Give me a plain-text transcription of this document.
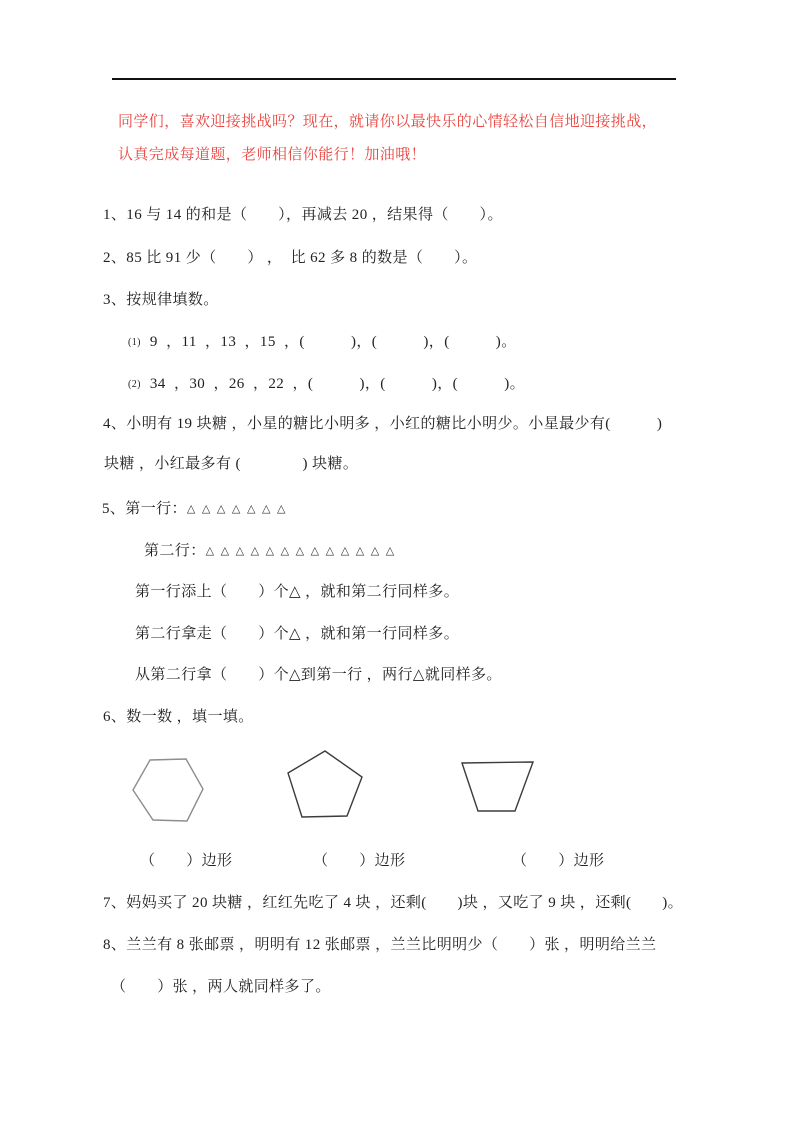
同学们，喜欢迎接挑战吗？现在，就请你以最快乐的心情轻松自信地迎接挑战，
认真完成每道题，老师相信你能行！加油哦！
1、16 与 14 的和是（　　），再减去 20 ，结果得（　　）。
2、85 比 91 少（　　） ，  比 62 多 8 的数是（　　）。
3、按规律填数。
(1) 9  ，11  ，13  ，15  ，(　　　)，(　　　)，(　　　)。
(2) 34  ，30  ，26  ，22  ，(　　　)，(　　　)，(　　　)。
4、小明有 19 块糖 ，小星的糖比小明多 ，小红的糖比小明少。小星最少有(　　　)
块糖 ，小红最多有 (　　　　) 块糖。
5、第一行：△ △ △ △ △ △ △
第二行：△ △ △ △ △ △ △ △ △ △ △ △ △
第一行添上（　　）个△ ，就和第二行同样多。
第二行拿走（　　）个△ ，就和第一行同样多。
从第二行拿（　　）个△到第一行 ，两行△就同样多。
6、数一数 ，填一填。
（　　）边形	（　　）边形	（　　）边形
7、妈妈买了 20 块糖 ，红红先吃了 4 块 ，还剩(　　)块 ，又吃了 9 块 ，还剩(　　)。
8、兰兰有 8 张邮票 ，明明有 12 张邮票 ，兰兰比明明少（　　）张 ，明明给兰兰
（　　）张 ，两人就同样多了。
